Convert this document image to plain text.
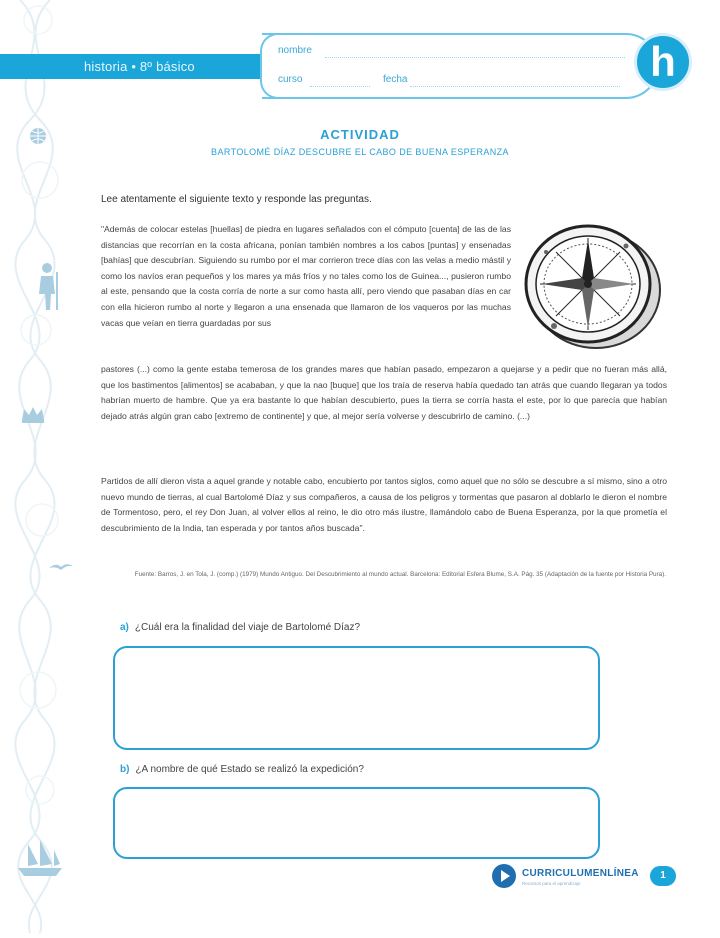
historia • 8º básico
nombre
curso	fecha	h
ACTIVIDAD
BARTOLOMÉ DÍAZ DESCUBRE EL CABO DE BUENA ESPERANZA
Lee atentamente el siguiente texto y responde las preguntas.

"Además de colocar estelas [huellas] de piedra en lugares señalados con el cómputo [cuenta] de las de las distancias que recorrían en la costa africana, ponían también nombres a los cabos [puntas] y ensenadas [bahías] que descubrían. Siguiendo su rumbo por el mar corrieron trece días con las velas a medio mástil y como los navíos eran pequeños y los mares ya más fríos y no tales como los de Guinea..., pusieron rumbo al este, pensando que la costa corría de norte a sur como hasta allí, pero viendo que pasaban días en car con ella hicieron rumbo al norte y llegaron a una ensenada que llamaron de los vaqueros por las muchas vacas que veían en tierra guardadas por sus

pastores (...) como la gente estaba temerosa de los grandes mares que habían pasado, empezaron a quejarse y a pedir que no fueran más allá, que los bastimentos [alimentos] se acababan, y que la nao [buque] que los traía de reserva había quedado tan atrás que cuando llegaran ya todos habrían muerto de hambre. Que ya era bastante lo que habían descubierto, pues la tierra se corría hasta el este, por lo que parecía que habían dejado atrás algún gran cabo [extremo de continente] y que, al mejor sería volverse y descubrirlo de camino. (...)

Partidos de allí dieron vista a aquel grande y notable cabo, encubierto por tantos siglos, como aquel que no sólo se descubre a sí mismo, sino a otro nuevo mundo de tierras, al cual Bartolomé Díaz y sus compañeros, a causa de los peligros y tormentas que pasaron al doblarlo le dieron el nombre de Tormentoso, pero, el rey Don Juan, al volver ellos al reino, le dio otro más ilustre, llamándolo cabo de Buena Esperanza, por la que prometía el descubrimiento de la India, tan esperada y por tantos años buscada".

Fuente: Barros, J. en Tola, J. (comp.) (1979) Mundo Antiguo. Del Descubrimiento al mundo actual. Barcelona: Editorial Esfera Blume, S.A. Pág. 35 (Adaptación de la fuente por Historia Pura).

a) ¿Cuál era la finalidad del viaje de Bartolomé Díaz?
b) ¿A nombre de qué Estado se realizó la expedición?
CURRICULUMENLÍNEA
Recursos para el aprendizaje
1
